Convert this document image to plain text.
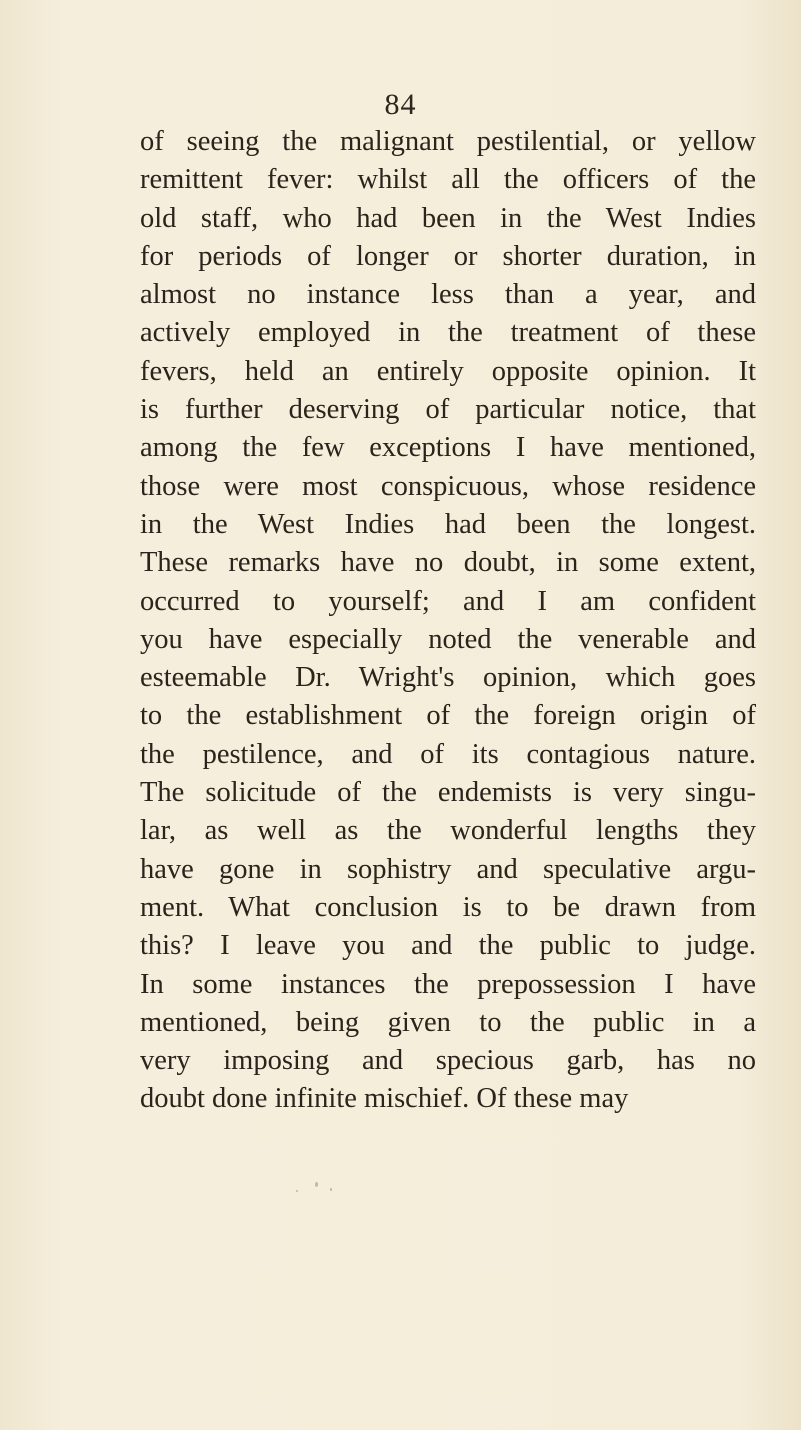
84
of seeing the malignant pestilential, or yellow
remittent fever: whilst all the officers of the
old staff, who had been in the West Indies
for periods of longer or shorter duration, in
almost no instance less than a year, and
actively employed in the treatment of these
fevers, held an entirely opposite opinion. It
is further deserving of particular notice, that
among the few exceptions I have mentioned,
those were most conspicuous, whose residence
in the West Indies had been the longest.
These remarks have no doubt, in some extent,
occurred to yourself; and I am confident
you have especially noted the venerable and
esteemable Dr. Wright's opinion, which goes
to the establishment of the foreign origin of
the pestilence, and of its contagious nature.
The solicitude of the endemists is very singu-
lar, as well as the wonderful lengths they
have gone in sophistry and speculative argu-
ment. What conclusion is to be drawn from
this? I leave you and the public to judge.
In some instances the prepossession I have
mentioned, being given to the public in a
very imposing and specious garb, has no
doubt done infinite mischief. Of these may
